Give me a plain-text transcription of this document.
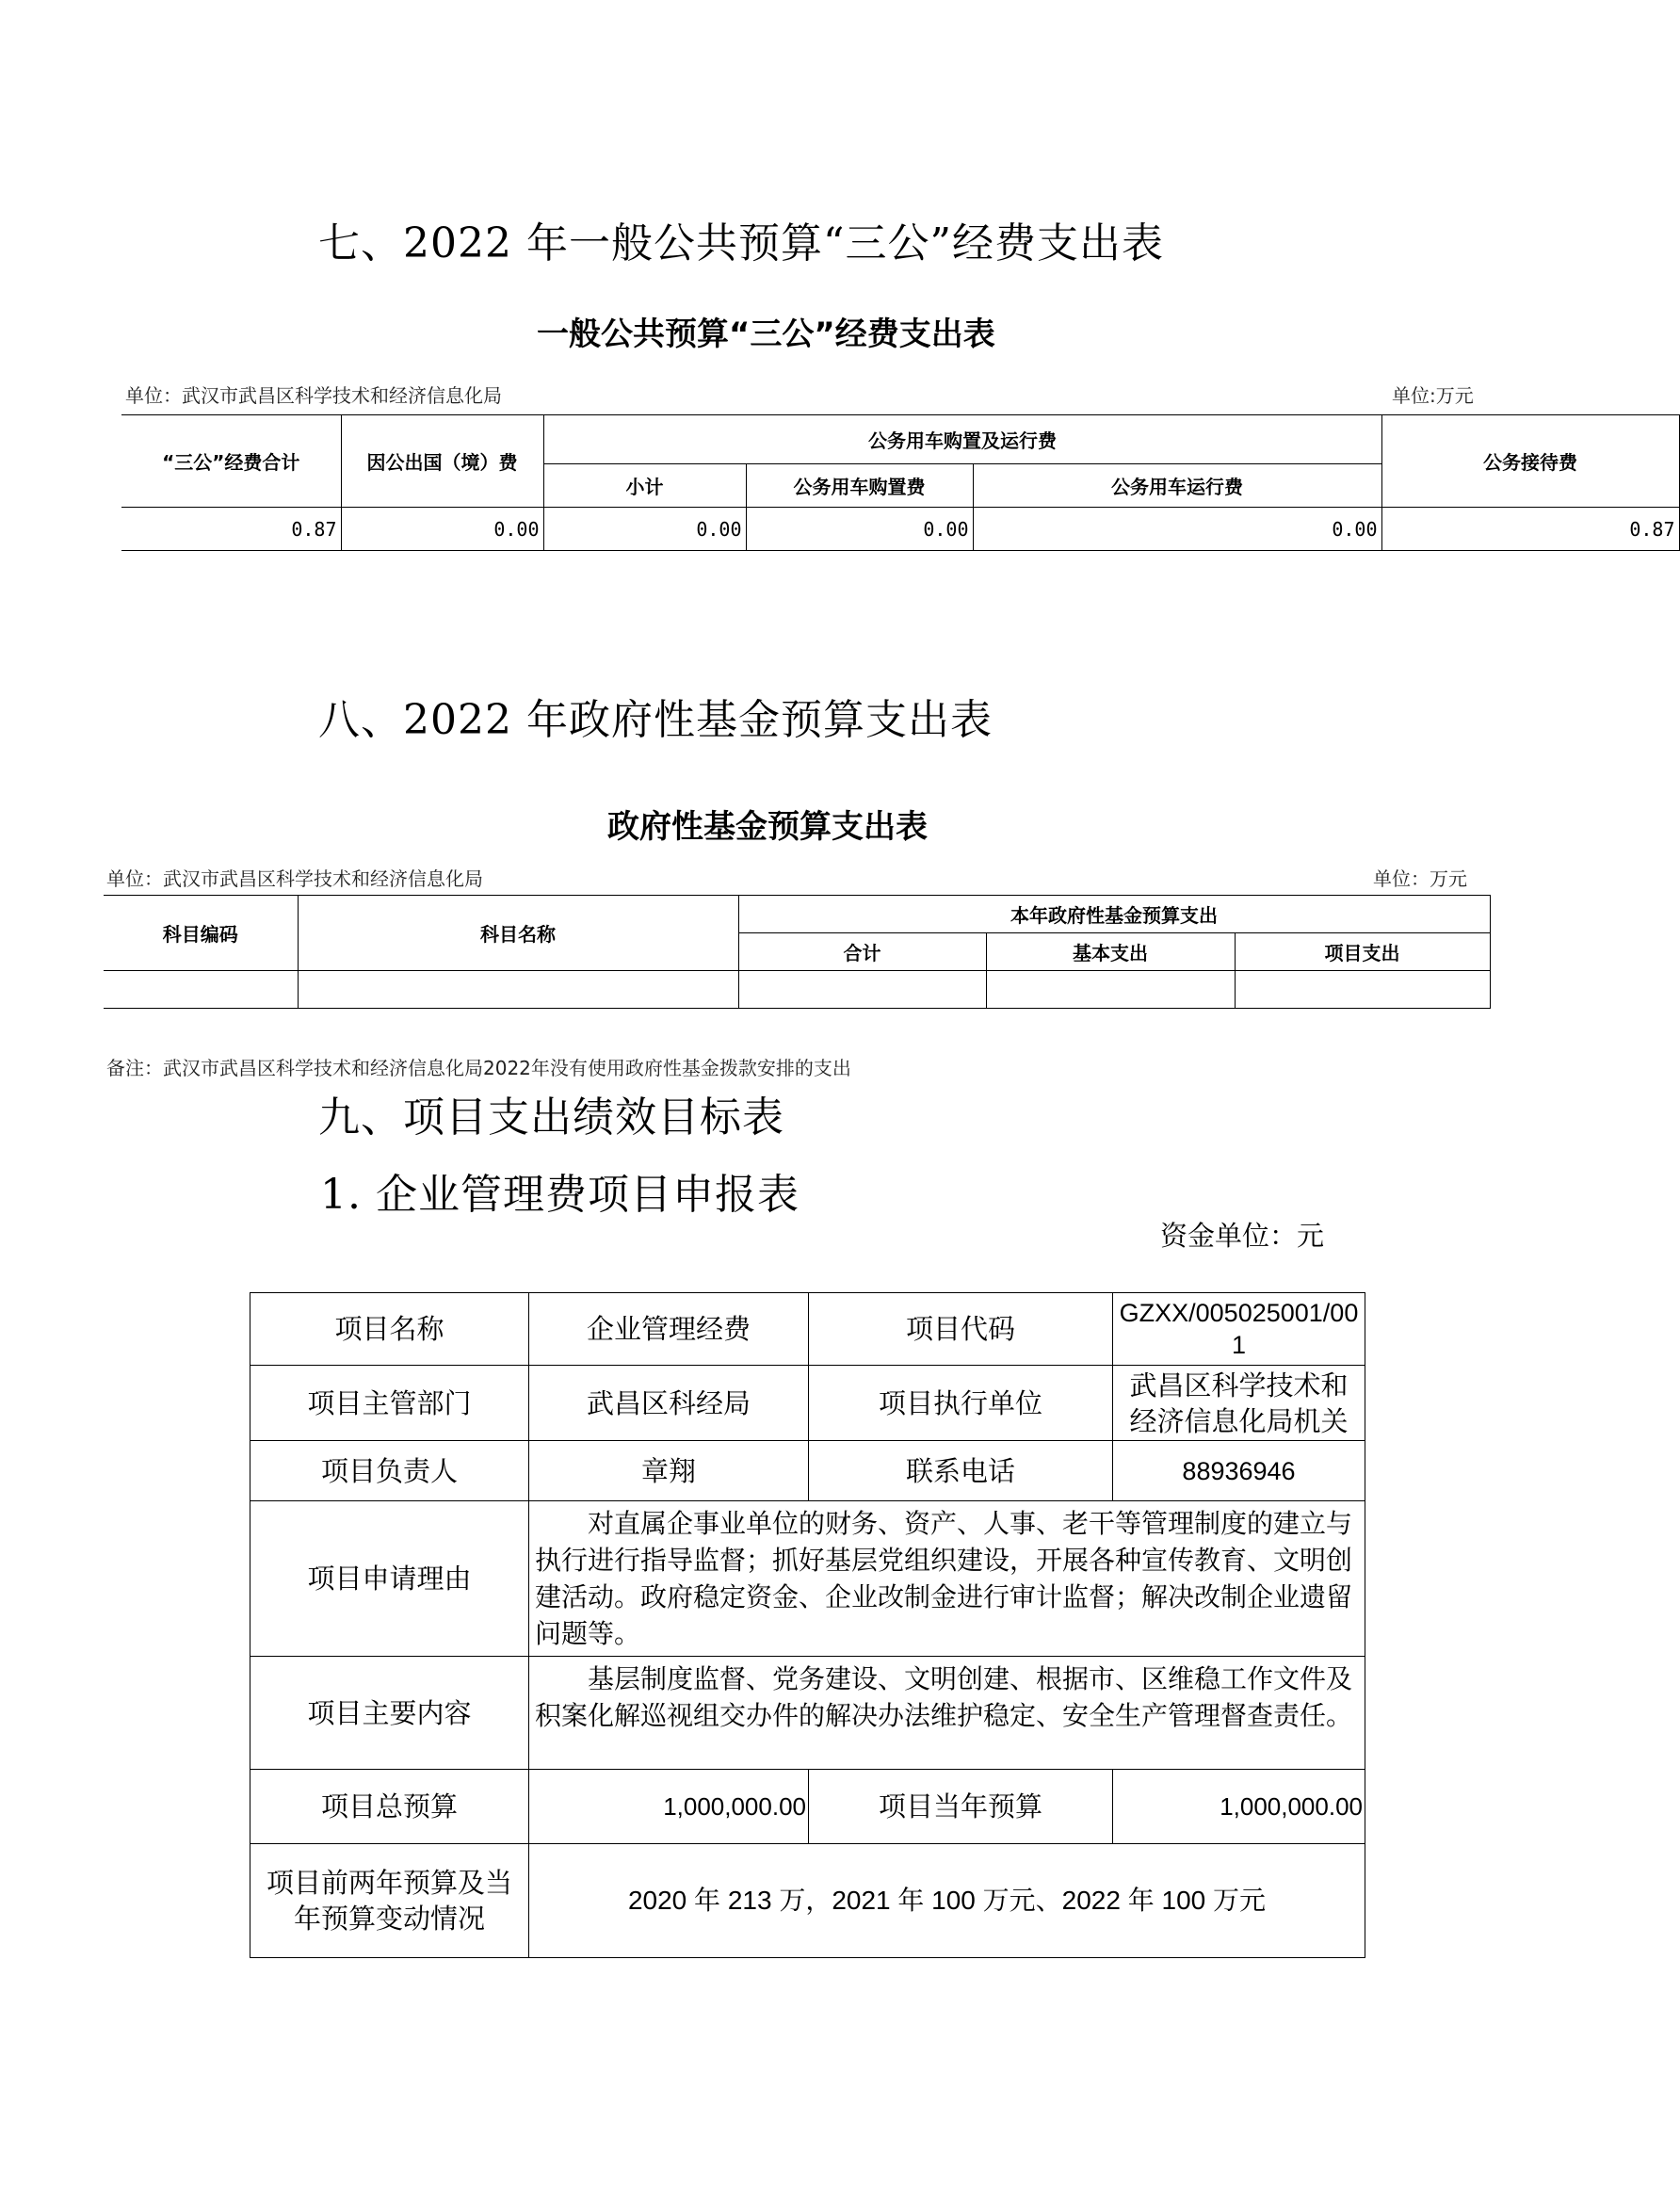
七、2022 年一般公共预算“三公”经费支出表
一般公共预算“三公”经费支出表
单位：武汉市武昌区科学技术和经济信息化局	单位:万元
“三公”经费合计	因公出国（境）费	公务用车购置及运行费			公务接待费
		小计	公务用车购置费	公务用车运行费	
0.87	0.00	0.00	0.00	0.00	0.87
八、2022 年政府性基金预算支出表
政府性基金预算支出表
单位：武汉市武昌区科学技术和经济信息化局	单位：万元
科目编码	科目名称	本年政府性基金预算支出		
		合计	基本支出	项目支出

备注：武汉市武昌区科学技术和经济信息化局2022年没有使用政府性基金拨款安排的支出
九、项目支出绩效目标表
1. 企业管理费项目申报表
资金单位：元
项目名称	企业管理经费	项目代码	GZXX/005025001/00
1

项目主管部门	武昌区科经局	项目执行单位	武昌区科学技术和
经济信息化局机关

项目负责人	章翔	联系电话	88936946
项目申请理由	对直属企事业单位的财务、资产、人事、老干等管理制度的建立与执行进行指导监督；抓好基层党组织建设，开展各种宣传教育、文明创建活动。政府稳定资金、企业改制金进行审计监督；解决改制企业遗留问题等。		
项目主要内容	基层制度监督、党务建设、文明创建、根据市、区维稳工作文件及积案化解巡视组交办件的解决办法维护稳定、安全生产管理督查责任。		
项目总预算	1,000,000.00	项目当年预算	1,000,000.00

项目前两年预算及当
年预算变动情况	2020 年 213 万，2021 年 100 万元、2022 年 100 万元		
